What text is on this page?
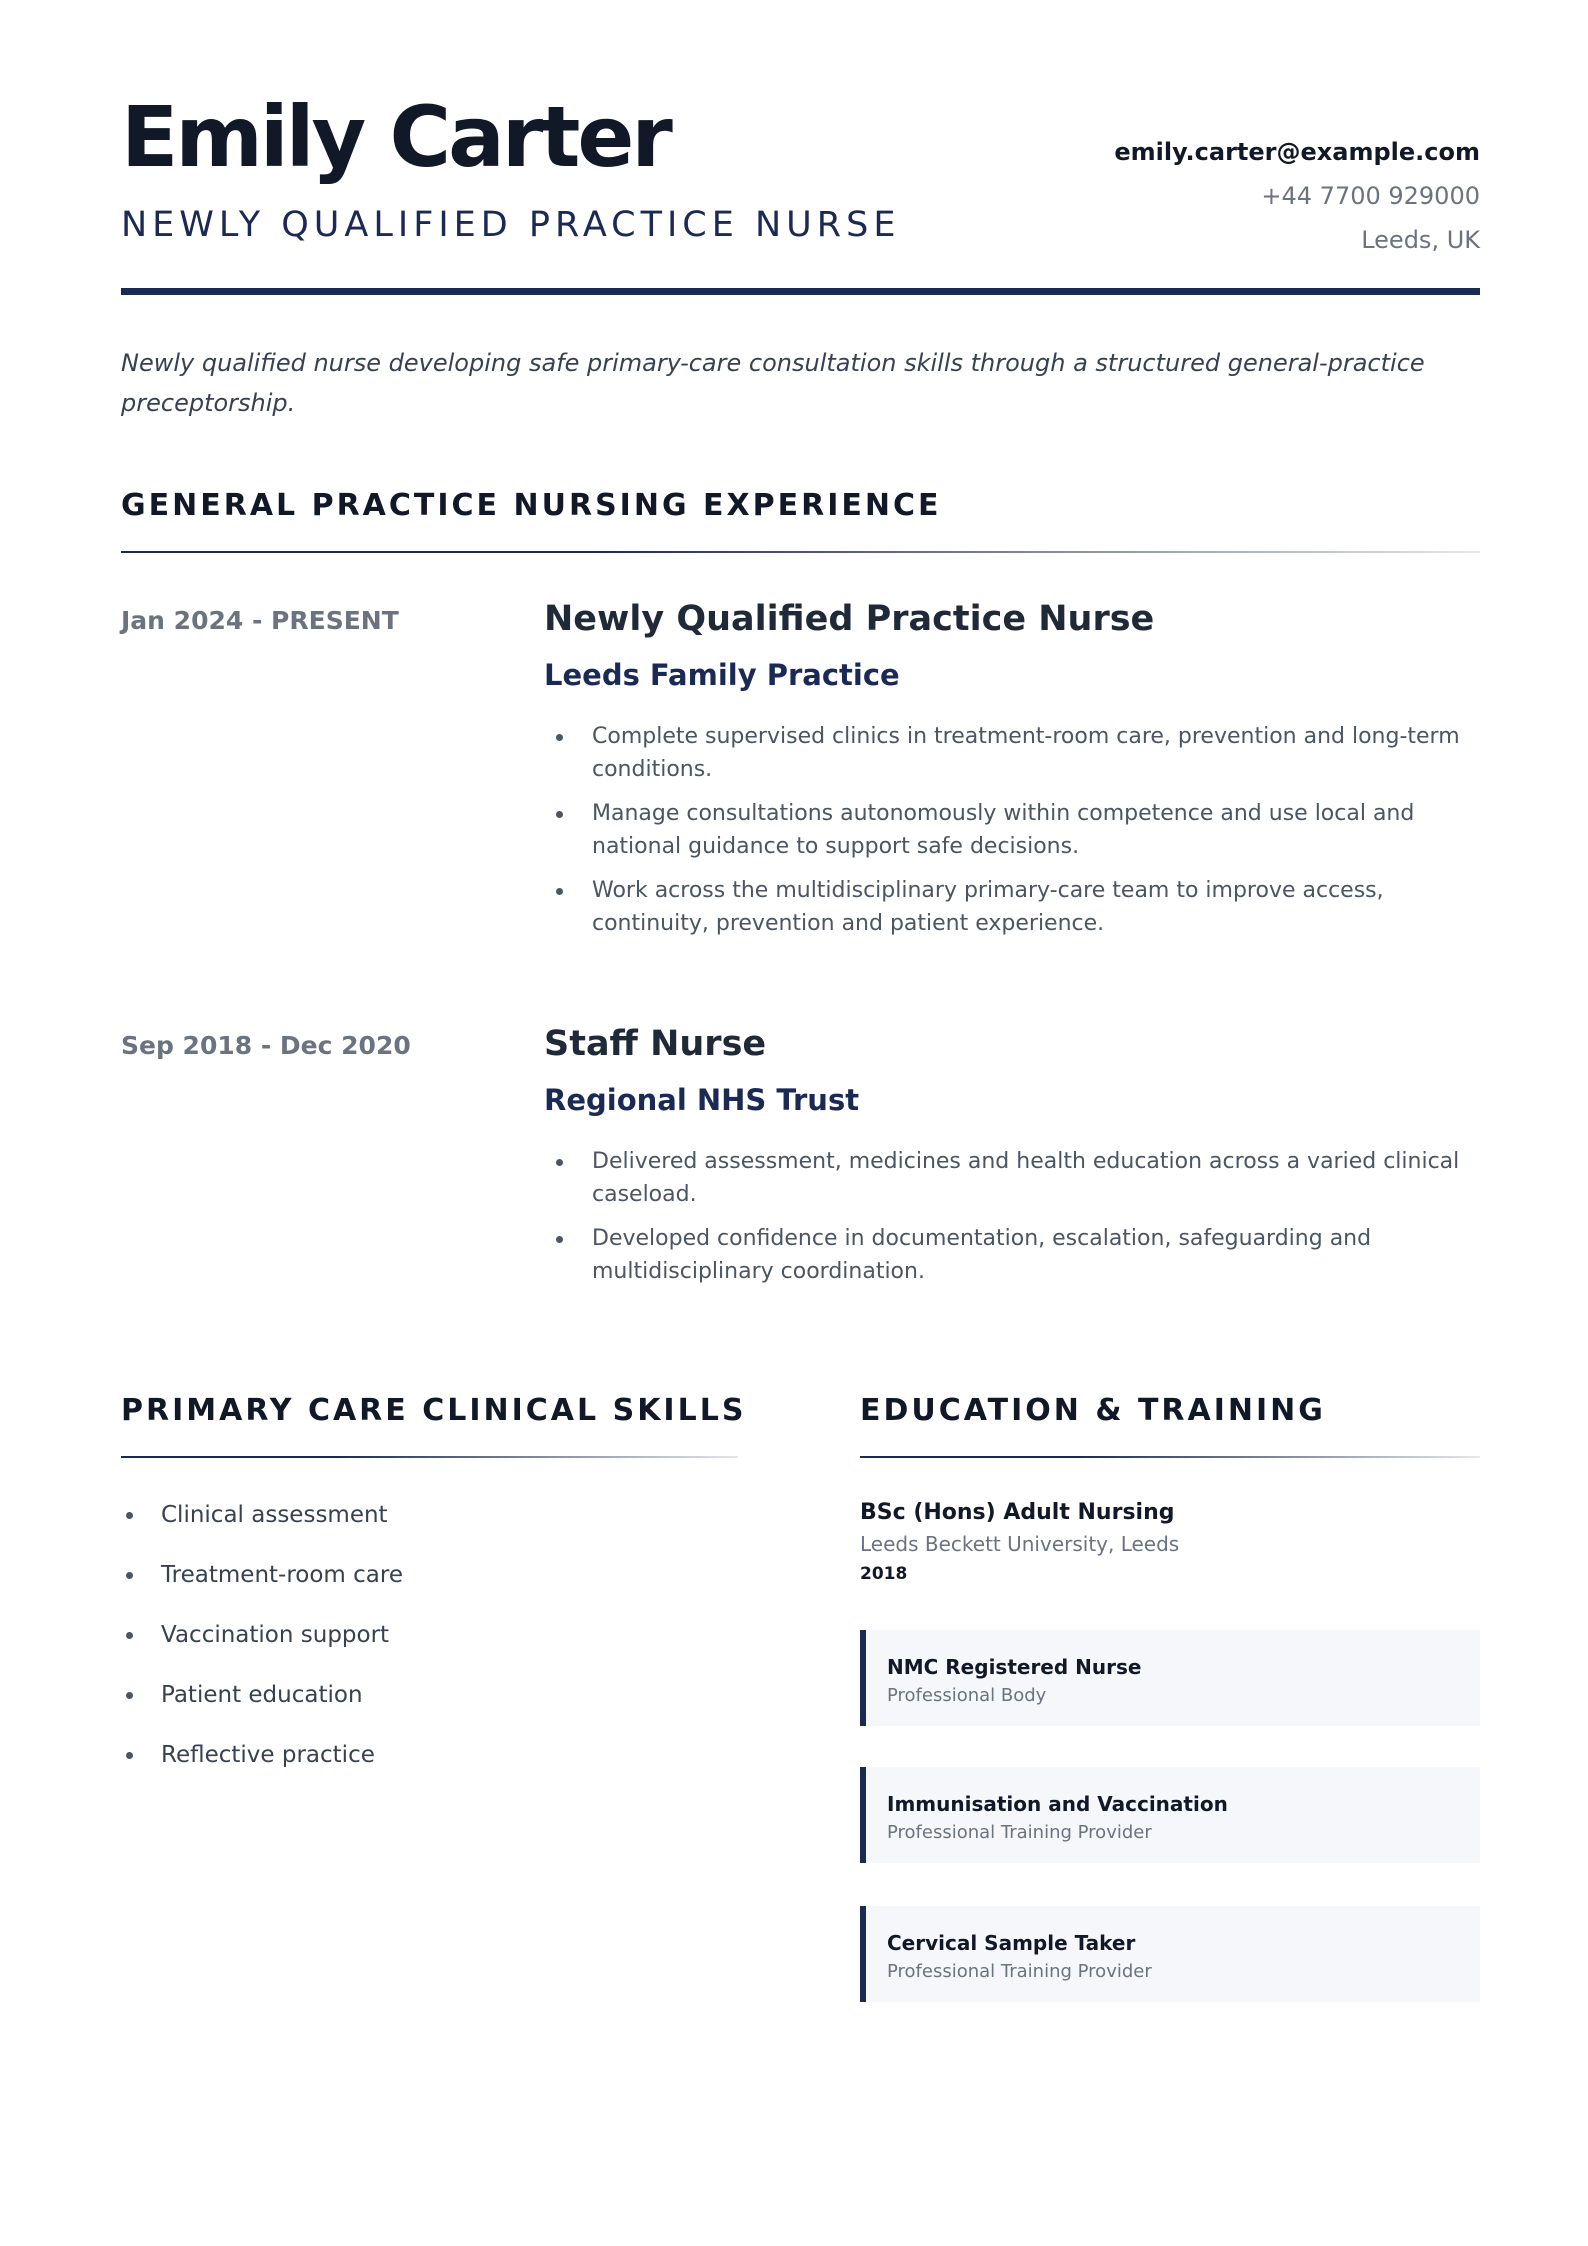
Emily Carter
NEWLY QUALIFIED PRACTICE NURSE
emily.carter@example.com
+44 7700 929000
Leeds, UK

Newly qualified nurse developing safe primary-care consultation skills through a structured general-practice preceptorship.

GENERAL PRACTICE NURSING EXPERIENCE
Jan 2024 - PRESENT	Newly Qualified Practice Nurse
Leeds Family Practice
Complete supervised clinics in treatment-room care, prevention and long-term conditions.
Manage consultations autonomously within competence and use local and national guidance to support safe decisions.
Work across the multidisciplinary primary-care team to improve access, continuity, prevention and patient experience.
Sep 2018 - Dec 2020	Staff Nurse
Regional NHS Trust
Delivered assessment, medicines and health education across a varied clinical caseload.
Developed confidence in documentation, escalation, safeguarding and multidisciplinary coordination.
PRIMARY CARE CLINICAL SKILLS
Clinical assessment
Treatment-room care
Vaccination support
Patient education
Reflective practice
EDUCATION & TRAINING
BSc (Hons) Adult Nursing
Leeds Beckett University, Leeds
2018
NMC Registered Nurse
Professional Body
Immunisation and Vaccination
Professional Training Provider
Cervical Sample Taker
Professional Training Provider
